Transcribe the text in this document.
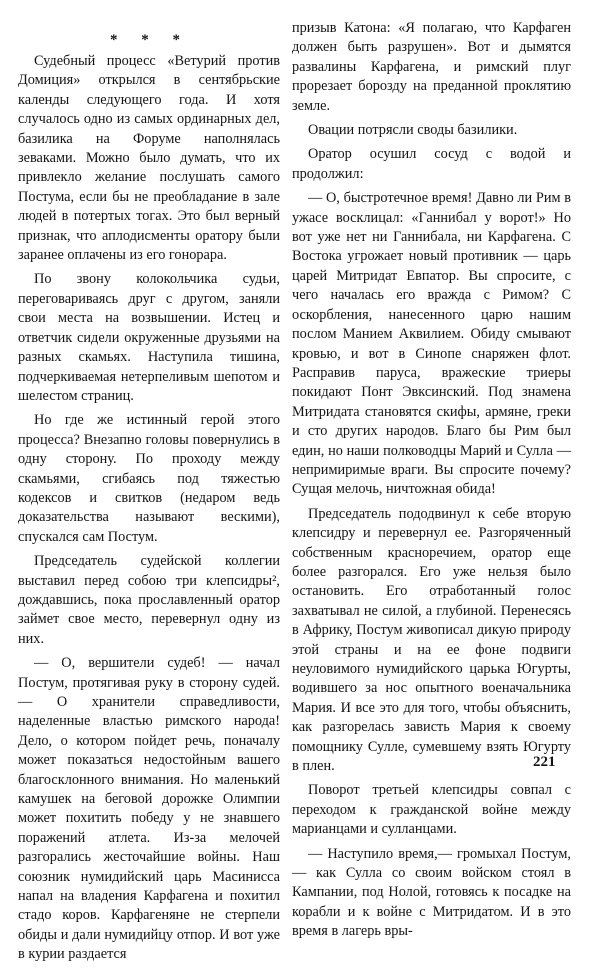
* * *

Судебный процесс «Ветурий против Домиция» открылся в сентябрьские календы следующего года. И хотя случалось одно из самых ординарных дел, базилика на Форуме наполнялась зеваками. Можно было думать, что их привлекло желание послушать самого Постума, если бы не преобладание в зале людей в потертых тогах. Это был верный признак, что аплодисменты оратору были заранее оплачены из его гонорара.

По звону колокольчика судьи, переговариваясь друг с другом, заняли свои места на возвышении. Истец и ответчик сидели окруженные друзьями на разных скамьях. Наступила тишина, подчеркиваемая нетерпеливым шепотом и шелестом страниц.

Но где же истинный герой этого процесса? Внезапно головы повернулись в одну сторону. По проходу между скамьями, сгибаясь под тяжестью кодексов и свитков (недаром ведь доказательства называют вескими), спускался сам Постум.

Председатель судейской коллегии выставил перед собою три клепсидры², дождавшись, пока прославленный оратор займет свое место, перевернул одну из них.

— О, вершители судеб! — начал Постум, протягивая руку в сторону судей.— О хранители справедливости, наделенные властью римского народа! Дело, о котором пойдет речь, поначалу может показаться недостойным вашего благосклонного внимания. Но маленький камушек на беговой дорожке Олимпии может похитить победу у не знавшего поражений атлета. Из-за мелочей разгорались жесточайшие войны. Наш союзник нумидийский царь Масинисса напал на владения Карфагена и похитил стадо коров. Карфагеняне не стерпели обиды и дали нумидийцу отпор. И вот уже в курии раздается

призыв Катона: «Я полагаю, что Карфаген должен быть разрушен». Вот и дымятся развалины Карфагена, и римский плуг прорезает борозду на преданной проклятию земле.

Овации потрясли своды базилики.

Оратор осушил сосуд с водой и продолжил:

— О, быстротечное время! Давно ли Рим в ужасе восклицал: «Ганнибал у ворот!» Но вот уже нет ни Ганнибала, ни Карфагена. С Востока угрожает новый противник — царь царей Митридат Евпатор. Вы спросите, с чего началась его вражда с Римом? С оскорбления, нанесенного царю нашим послом Манием Аквилием. Обиду смывают кровью, и вот в Синопе снаряжен флот. Расправив паруса, вражеские триеры покидают Понт Эвксинский. Под знамена Митридата становятся скифы, армяне, греки и сто других народов. Благо бы Рим был един, но наши полководцы Марий и Сулла — непримиримые враги. Вы спросите почему? Сущая мелочь, ничтожная обида!

Председатель пододвинул к себе вторую клепсидру и перевернул ее. Разгоряченный собственным красноречием, оратор еще более разгорался. Его уже нельзя было остановить. Его отработанный голос захватывал не силой, а глубиной. Перенесясь в Африку, Постум живописал дикую природу этой страны и на ее фоне подвиги неуловимого нумидийского царька Югурты, водившего за нос опытного военачальника Мария. И все это для того, чтобы объяснить, как разгорелась зависть Мария к своему помощнику Сулле, сумевшему взять Югурту в плен.

Поворот третьей клепсидры совпал с переходом к гражданской войне между марианцами и сулланцами.

— Наступило время,— громыхал Постум,— как Сулла со своим войском стоял в Кампании, под Нолой, готовясь к посадке на корабли и к войне с Митридатом. И в это время в лагерь вры-

221
